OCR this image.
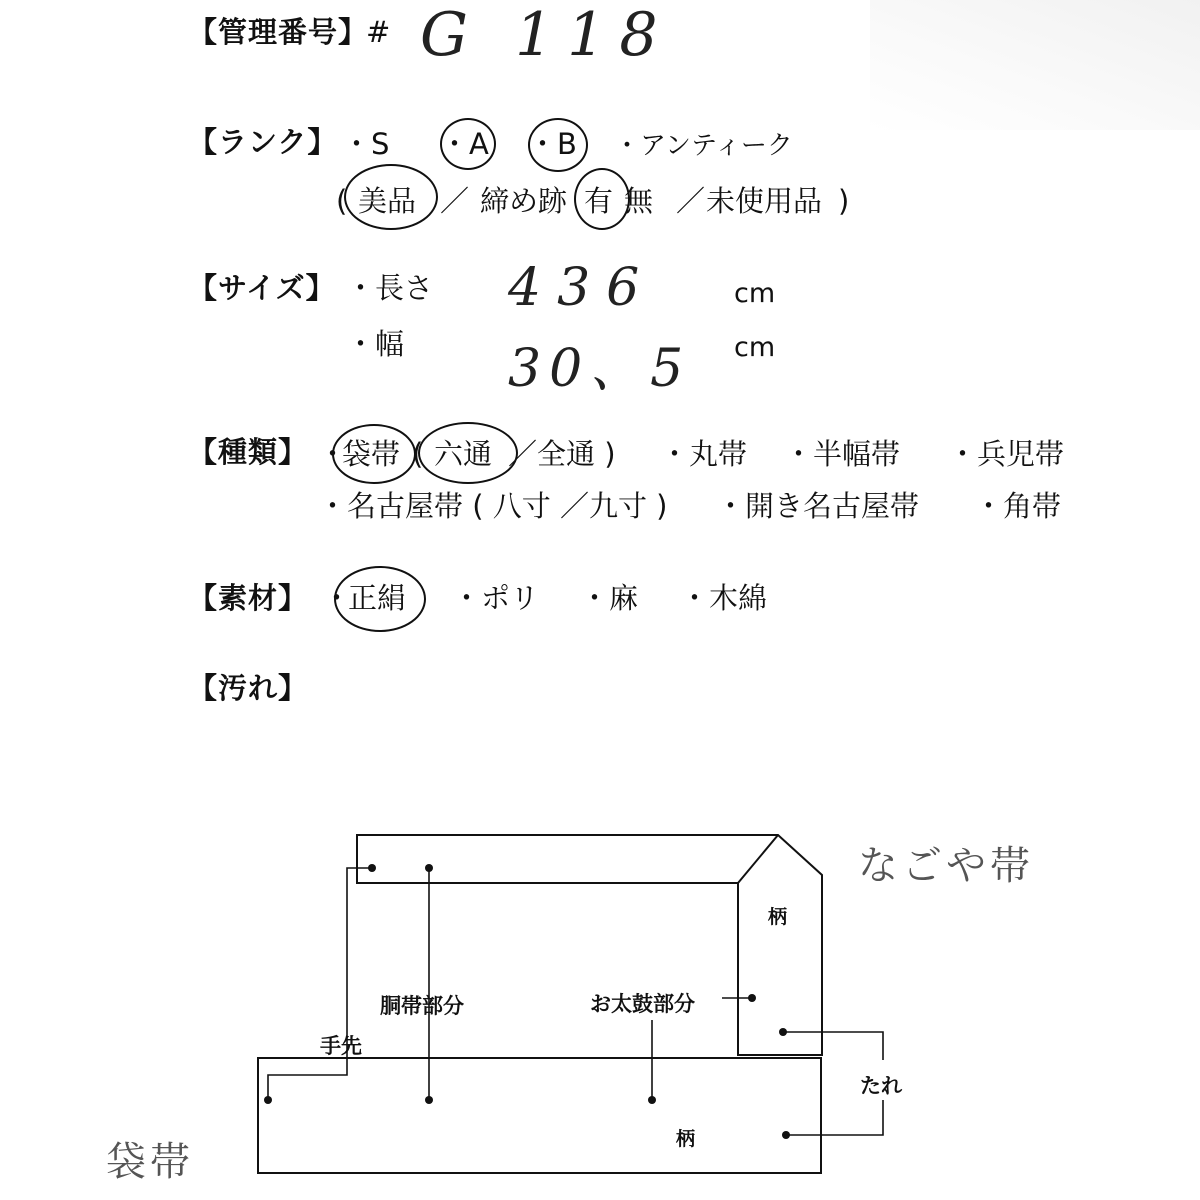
【管理番号】
# G 118
【ランク】 ・S ・A ・B ・アンティーク
( 美品 ／ 締め跡 有 無 ／ 未使用品 )
【サイズ】 ・長さ 436	cm
・幅 30、5 cm
【種類】 ・
袋帯 ( 六通 ／全通 ) ・丸帯 ・半幅帯 ・兵児帯
・名古屋帯 ( 八寸 ／九寸 ) ・開き名古屋帯 ・角帯
【素材】 ・
正絹 ・ポリ ・麻 ・木綿
【汚れ】
なごや帯
袋帯
柄
柄
胴帯部分	お太鼓部分
手先
たれ
